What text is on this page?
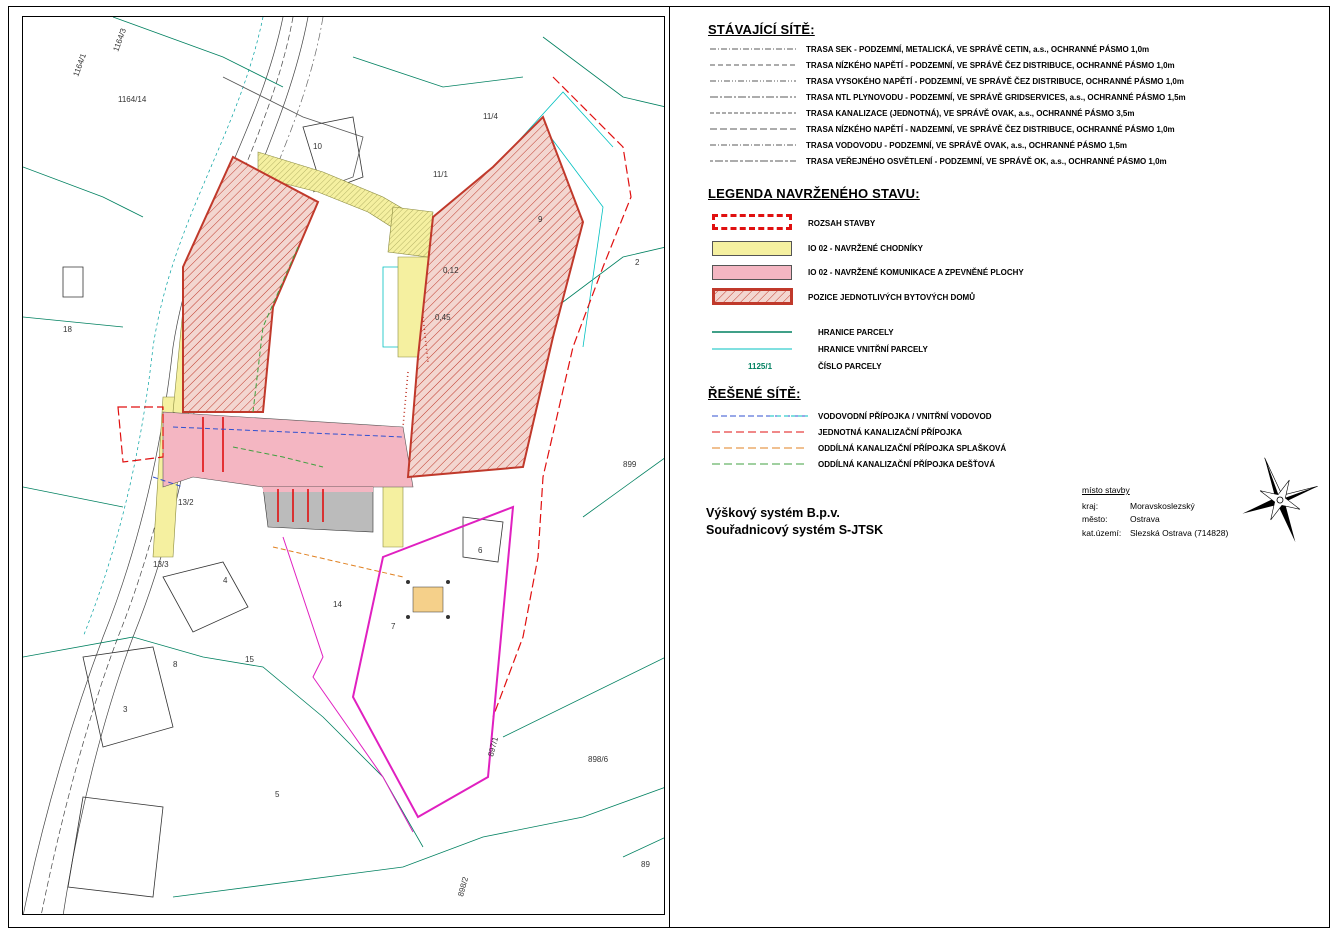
1164/3
1164/1
1164/14
10
11/4
11/1
9
18
899
3
15
5
4
13/2
13/3
6
7
898/6
898/2
897/1
89
2
14
8
0,45
0,12
STÁVAJÍCÍ SÍTĚ:
TRASA SEK - PODZEMNÍ, METALICKÁ, VE SPRÁVĚ CETIN, a.s., OCHRANNÉ PÁSMO 1,0m
TRASA NÍZKÉHO NAPĚTÍ - PODZEMNÍ, VE SPRÁVĚ ČEZ DISTRIBUCE, OCHRANNÉ PÁSMO 1,0m
TRASA VYSOKÉHO NAPĚTÍ - PODZEMNÍ, VE SPRÁVĚ ČEZ DISTRIBUCE, OCHRANNÉ PÁSMO 1,0m
TRASA NTL PLYNOVODU - PODZEMNÍ, VE SPRÁVĚ GRIDSERVICES, a.s., OCHRANNÉ PÁSMO 1,5m
TRASA KANALIZACE (JEDNOTNÁ), VE SPRÁVĚ OVAK, a.s., OCHRANNÉ PÁSMO 3,5m
TRASA NÍZKÉHO NAPĚTÍ - NADZEMNÍ, VE SPRÁVĚ ČEZ DISTRIBUCE, OCHRANNÉ PÁSMO 1,0m
TRASA VODOVODU - PODZEMNÍ, VE SPRÁVĚ OVAK, a.s., OCHRANNÉ PÁSMO 1,5m
TRASA VEŘEJNÉHO OSVĚTLENÍ - PODZEMNÍ, VE SPRÁVĚ OK, a.s., OCHRANNÉ PÁSMO 1,0m
LEGENDA NAVRŽENÉHO STAVU:
ROZSAH STAVBY
IO 02 - NAVRŽENÉ CHODNÍKY
IO 02 - NAVRŽENÉ KOMUNIKACE A ZPEVNĚNÉ PLOCHY
POZICE JEDNOTLIVÝCH BYTOVÝCH DOMŮ
HRANICE PARCELY
HRANICE VNITŘNÍ PARCELY
1125/1	ČÍSLO PARCELY
ŘEŠENÉ SÍTĚ:
VODOVODNÍ PŘÍPOJKA / VNITŘNÍ VODOVOD
JEDNOTNÁ KANALIZAČNÍ PŘÍPOJKA
ODDÍLNÁ KANALIZAČNÍ PŘÍPOJKA SPLAŠKOVÁ
ODDÍLNÁ KANALIZAČNÍ PŘÍPOJKA DEŠŤOVÁ
Výškový systém B.p.v.
Souřadnicový systém S-JTSK
místo stavby
kraj:	Moravskoslezský
město:	Ostrava
kat.území: Slezská Ostrava (714828)
